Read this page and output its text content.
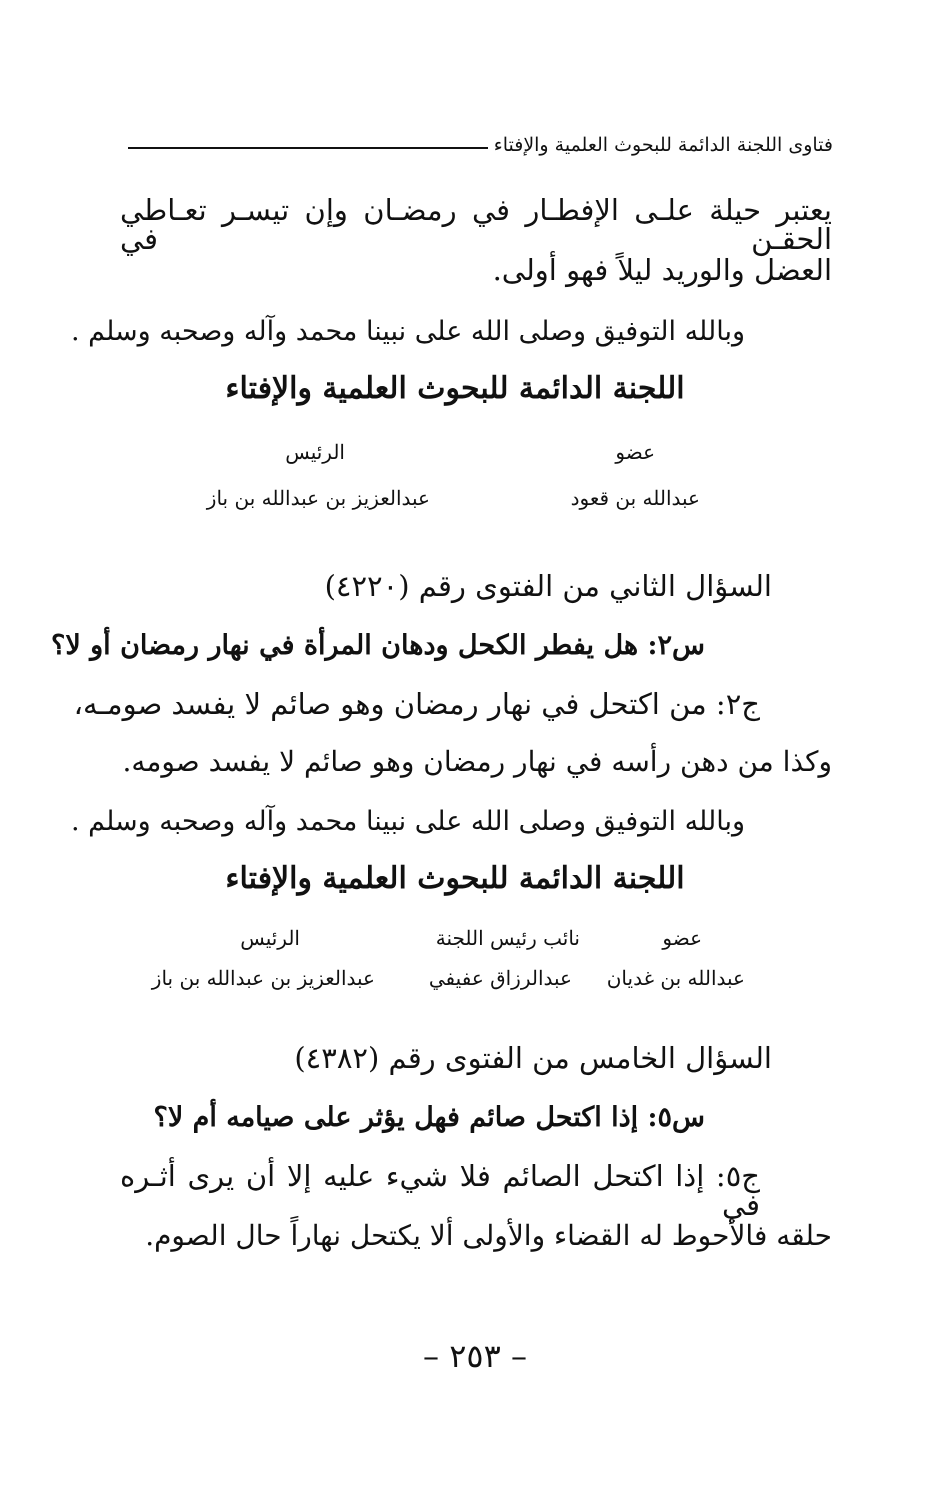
فتاوى اللجنة الدائمة للبحوث العلمية والإفتاء
يعتبر حيلة علـى الإفطـار في رمضـان وإن تيسـر تعـاطي الحقـن في
العضل والوريد ليلاً فهو أولى.
وبالله التوفيق وصلى الله على نبينا محمد وآله وصحبه وسلم .
اللجنة الدائمة للبحوث العلمية والإفتاء
عضو
الرئيس
عبدالله بن قعود
عبدالعزيز بن عبدالله بن باز
السؤال الثاني من الفتوى رقم (٤٢٢٠)
س٢: هل يفطر الكحل ودهان المرأة في نهار رمضان أو لا؟
ج٢: من اكتحل في نهار رمضان وهو صائم لا يفسد صومـه،
وكذا من دهن رأسه في نهار رمضان وهو صائم لا يفسد صومه.
وبالله التوفيق وصلى الله على نبينا محمد وآله وصحبه وسلم .
اللجنة الدائمة للبحوث العلمية والإفتاء
عضو
نائب رئيس اللجنة
الرئيس
عبدالله بن غديان
عبدالرزاق عفيفي
عبدالعزيز بن عبدالله بن باز
السؤال الخامس من الفتوى رقم (٤٣٨٢)
س٥: إذا اكتحل صائم فهل يؤثر على صيامه أم لا؟
ج٥: إذا اكتحل الصائم فلا شيء عليه إلا أن يرى أثـره في
حلقه فالأحوط له القضاء والأولى ألا يكتحل نهاراً حال الصوم.
– ٢٥٣ –
